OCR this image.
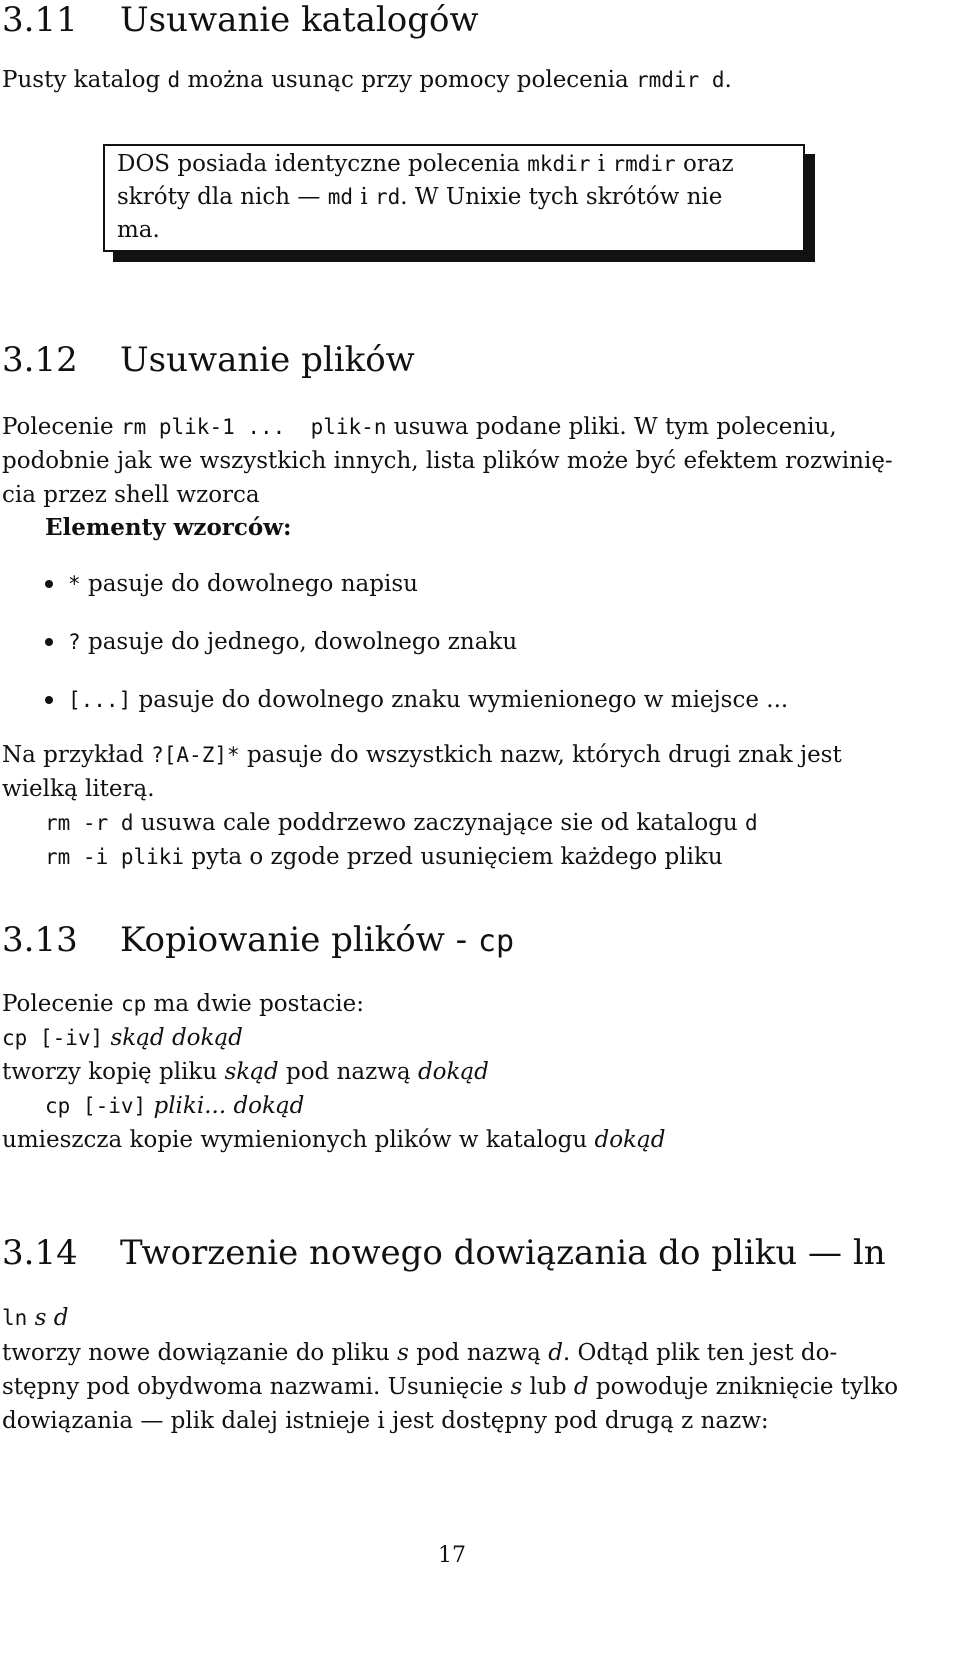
3.11 Usuwanie katalogów
Pusty katalog d można usunąc przy pomocy polecenia rmdir d.
DOS posiada identyczne polecenia mkdir i rmdir oraz
skróty dla nich — md i rd. W Unixie tych skrótów nie
ma.
3.12 Usuwanie plików
Polecenie rm plik-1 ...  plik-n usuwa podane pliki. W tym poleceniu,
podobnie jak we wszystkich innych, lista plików może być efektem rozwinię-
cia przez shell wzorca
Elementy wzorców:
* pasuje do dowolnego napisu
? pasuje do jednego, dowolnego znaku
[...] pasuje do dowolnego znaku wymienionego w miejsce ...
Na przykład ?[A-Z]* pasuje do wszystkich nazw, których drugi znak jest
wielką literą.
rm -r d usuwa cale poddrzewo zaczynające sie od katalogu d
rm -i pliki pyta o zgode przed usunięciem każdego pliku
3.13 Kopiowanie plików - cp
Polecenie cp ma dwie postacie:
cp [-iv] skąd dokąd
tworzy kopię pliku skąd pod nazwą dokąd
cp [-iv] pliki... dokąd
umieszcza kopie wymienionych plików w katalogu dokąd
3.14 Tworzenie nowego dowiązania do pliku — ln
ln s d
tworzy nowe dowiązanie do pliku s pod nazwą d. Odtąd plik ten jest do-
stępny pod obydwoma nazwami. Usunięcie s lub d powoduje zniknięcie tylko
dowiązania — plik dalej istnieje i jest dostępny pod drugą z nazw:
17
